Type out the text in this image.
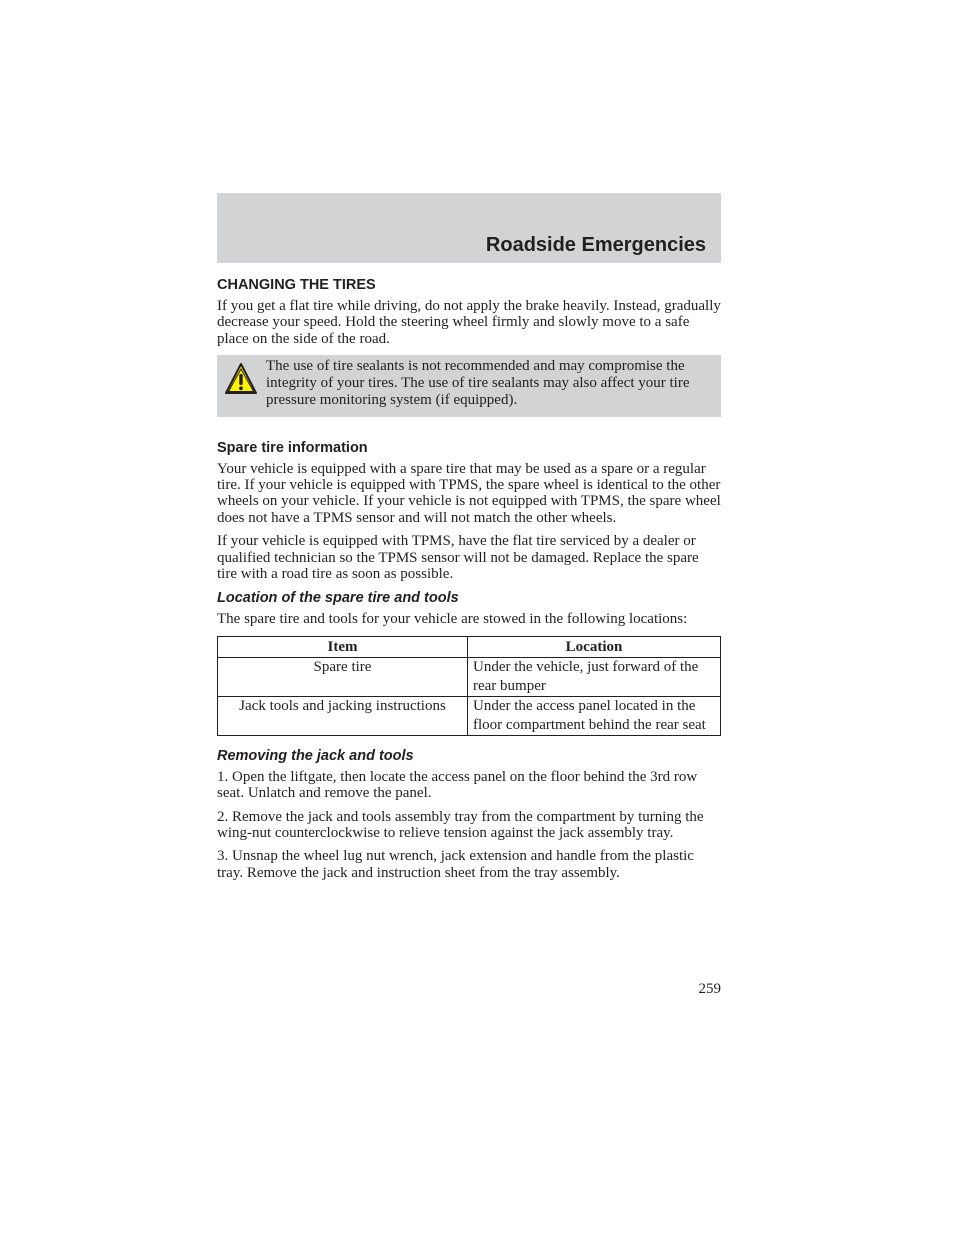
Roadside Emergencies
CHANGING THE TIRES

If you get a flat tire while driving, do not apply the brake heavily. Instead, gradually decrease your speed. Hold the steering wheel firmly and slowly move to a safe place on the side of the road.

The use of tire sealants is not recommended and may compromise the integrity of your tires. The use of tire sealants may also affect your tire pressure monitoring system (if equipped).
Spare tire information

Your vehicle is equipped with a spare tire that may be used as a spare or a regular tire. If your vehicle is equipped with TPMS, the spare wheel is identical to the other wheels on your vehicle. If your vehicle is not equipped with TPMS, the spare wheel does not have a TPMS sensor and will not match the other wheels.

If your vehicle is equipped with TPMS, have the flat tire serviced by a dealer or qualified technician so the TPMS sensor will not be damaged. Replace the spare tire with a road tire as soon as possible.

Location of the spare tire and tools

The spare tire and tools for your vehicle are stowed in the following locations:

Item	Location
Spare tire	Under the vehicle, just forward of the rear bumper
Jack tools and jacking instructions	Under the access panel located in the floor compartment behind the rear seat
Removing the jack and tools

1. Open the liftgate, then locate the access panel on the floor behind the 3rd row seat. Unlatch and remove the panel.

2. Remove the jack and tools assembly tray from the compartment by turning the wing-nut counterclockwise to relieve tension against the jack assembly tray.

3. Unsnap the wheel lug nut wrench, jack extension and handle from the plastic tray. Remove the jack and instruction sheet from the tray assembly.

259
